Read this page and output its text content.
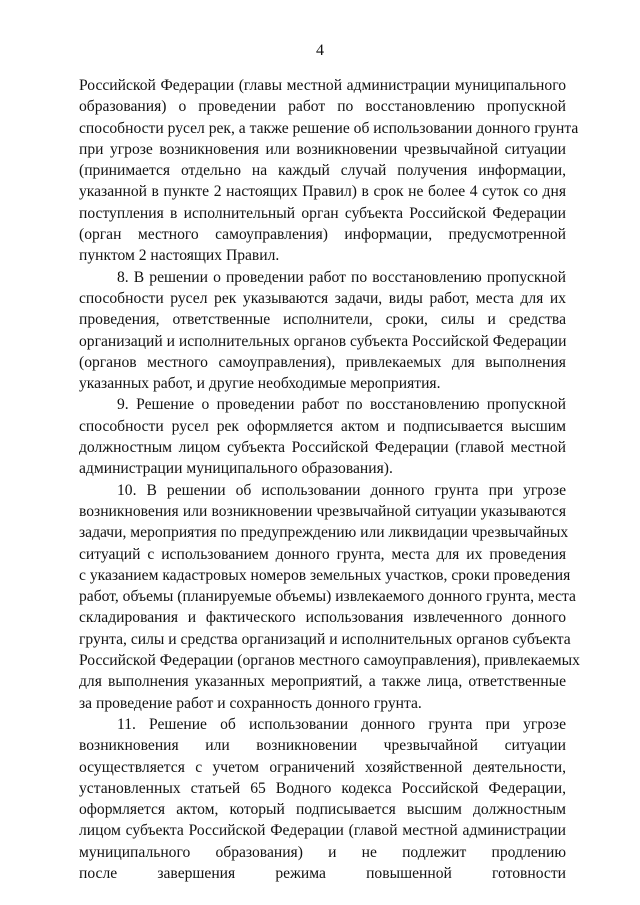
4
Российской Федерации (главы местной администрации муниципального
образования) о проведении работ по восстановлению пропускной
способности русел рек, а также решение об использовании донного грунта
при угрозе возникновения или возникновении чрезвычайной ситуации
(принимается отдельно на каждый случай получения информации,
указанной в пункте 2 настоящих Правил) в срок не более 4 суток со дня
поступления в исполнительный орган субъекта Российской Федерации
(орган местного самоуправления) информации, предусмотренной
пунктом 2 настоящих Правил.
8. В решении о проведении работ по восстановлению пропускной
способности русел рек указываются задачи, виды работ, места для их
проведения, ответственные исполнители, сроки, силы и средства
организаций и исполнительных органов субъекта Российской Федерации
(органов местного самоуправления), привлекаемых для выполнения
указанных работ, и другие необходимые мероприятия.
9. Решение о проведении работ по восстановлению пропускной
способности русел рек оформляется актом и подписывается высшим
должностным лицом субъекта Российской Федерации (главой местной
администрации муниципального образования).
10. В решении об использовании донного грунта при угрозе
возникновения или возникновении чрезвычайной ситуации указываются
задачи, мероприятия по предупреждению или ликвидации чрезвычайных
ситуаций с использованием донного грунта, места для их проведения
с указанием кадастровых номеров земельных участков, сроки проведения
работ, объемы (планируемые объемы) извлекаемого донного грунта, места
складирования и фактического использования извлеченного донного
грунта, силы и средства организаций и исполнительных органов субъекта
Российской Федерации (органов местного самоуправления), привлекаемых
для выполнения указанных мероприятий, а также лица, ответственные
за проведение работ и сохранность донного грунта.
11. Решение об использовании донного грунта при угрозе
возникновения или возникновении чрезвычайной ситуации
осуществляется с учетом ограничений хозяйственной деятельности,
установленных статьей 65 Водного кодекса Российской Федерации,
оформляется актом, который подписывается высшим должностным
лицом субъекта Российской Федерации (главой местной администрации
муниципального образования) и не подлежит продлению
после завершения режима повышенной готовности
